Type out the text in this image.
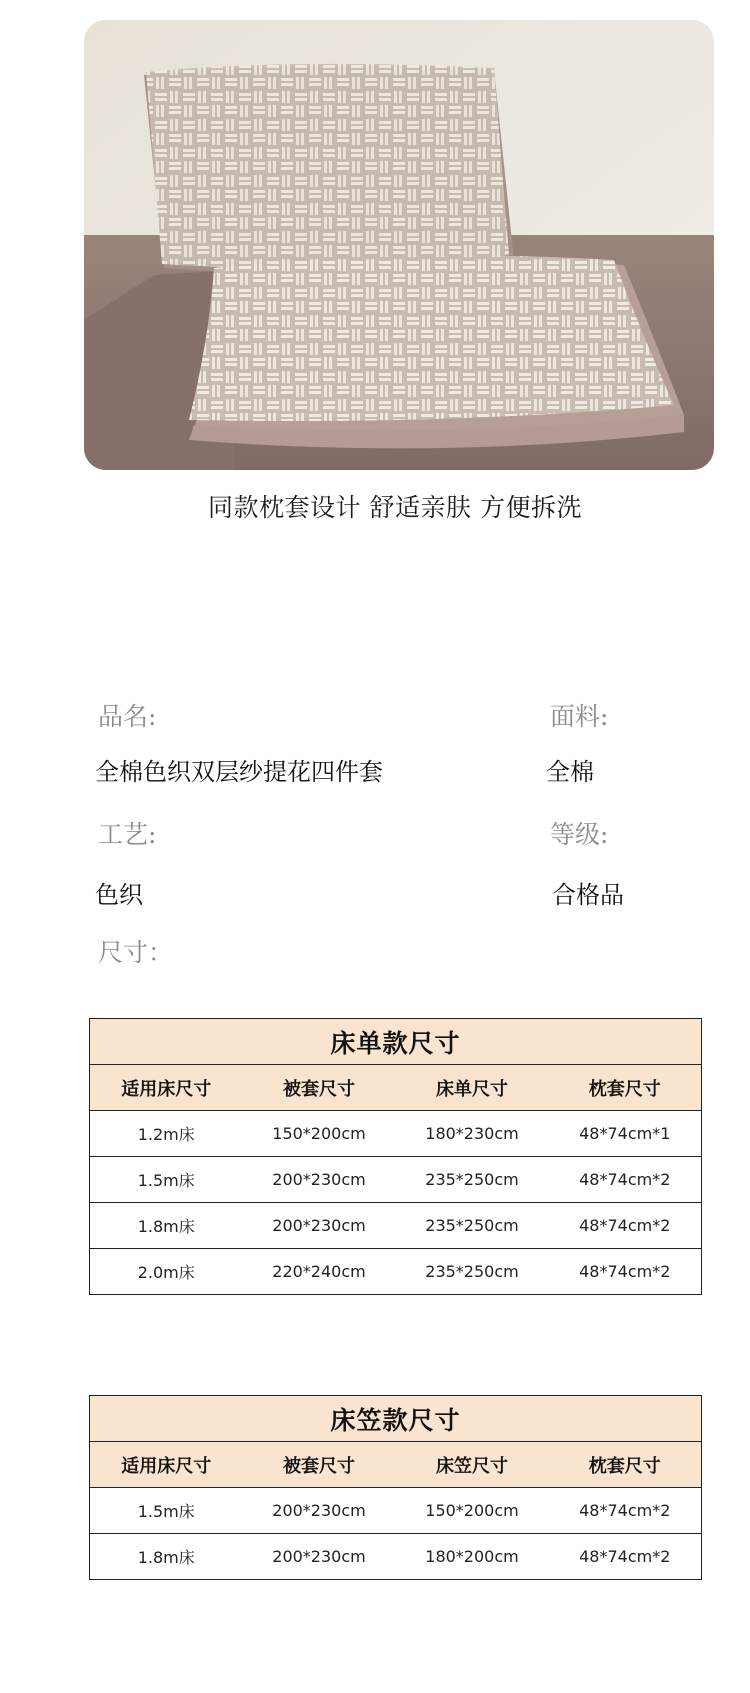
同款枕套设计 舒适亲肤 方便拆洗
品名:	面料:
全棉色织双层纱提花四件套	全棉
工艺:	等级:
色织	合格品
尺寸：
床单款尺寸			
适用床尺寸	被套尺寸	床单尺寸	枕套尺寸
1.2m床	150*200cm	180*230cm	48*74cm*1
1.5m床	200*230cm	235*250cm	48*74cm*2
1.8m床	200*230cm	235*250cm	48*74cm*2
2.0m床	220*240cm	235*250cm	48*74cm*2
床笠款尺寸			
适用床尺寸	被套尺寸	床笠尺寸	枕套尺寸
1.5m床	200*230cm	150*200cm	48*74cm*2
1.8m床	200*230cm	180*200cm	48*74cm*2
